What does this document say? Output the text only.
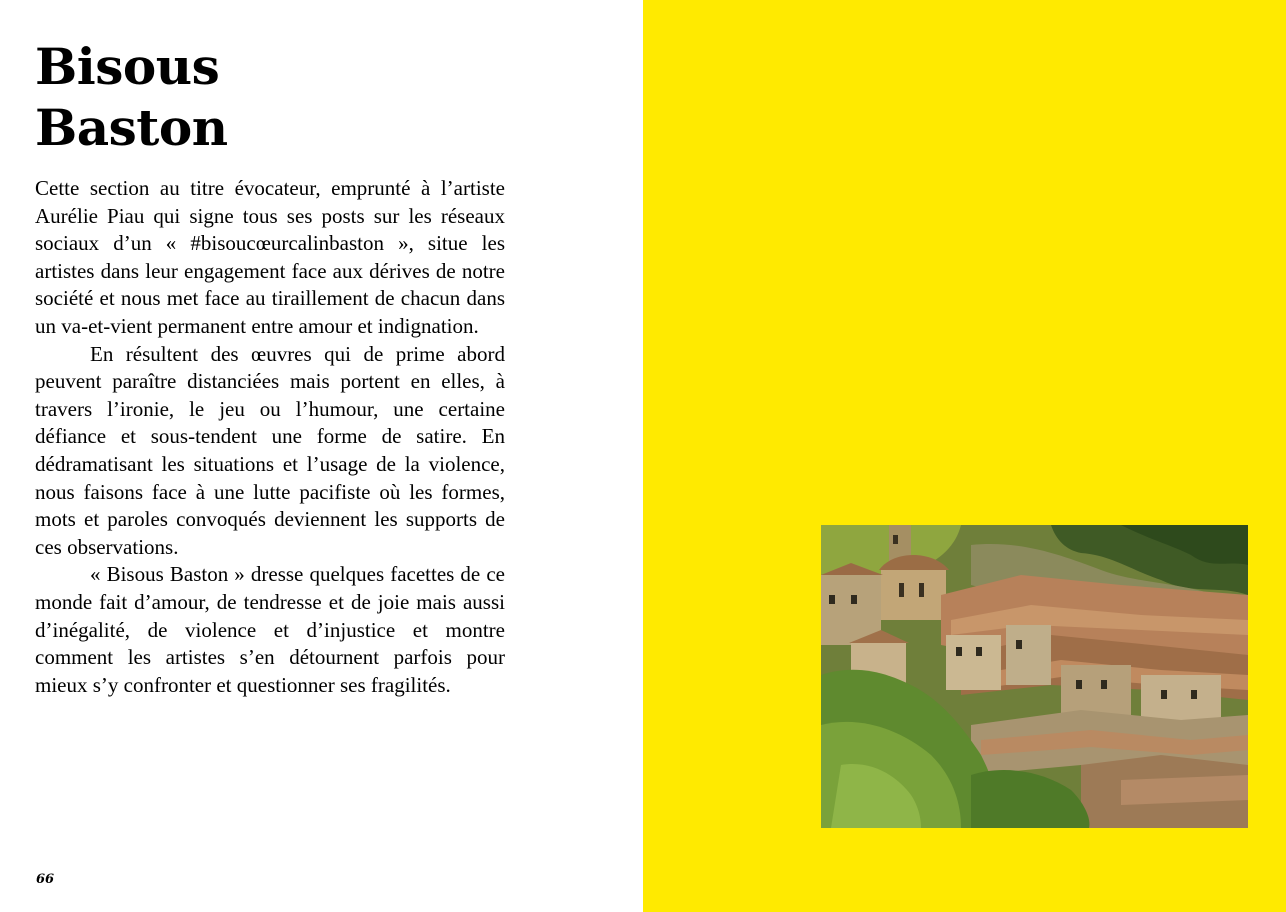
Bisous
Baston

Cette section au titre évocateur, emprunté à l’artiste Aurélie Piau qui signe tous ses posts sur les réseaux sociaux d’un « #bisoucœurcalinbaston », situe les artistes dans leur engagement face aux dérives de notre société et nous met face au tiraillement de chacun dans un va-et-vient permanent entre amour et indignation.

En résultent des œuvres qui de prime abord peuvent paraître distanciées mais portent en elles, à travers l’ironie, le jeu ou l’humour, une certaine défiance et sous-tendent une forme de satire. En dédramatisant les situations et l’usage de la violence, nous faisons face à une lutte pacifiste où les formes, mots et paroles convoqués deviennent les supports de ces observations.

« Bisous Baston » dresse quelques facettes de ce monde fait d’amour, de tendresse et de joie mais aussi d’inégalité, de violence et d’injustice et montre comment les artistes s’en détournent parfois pour mieux s’y confronter et questionner ses fragilités.

66
